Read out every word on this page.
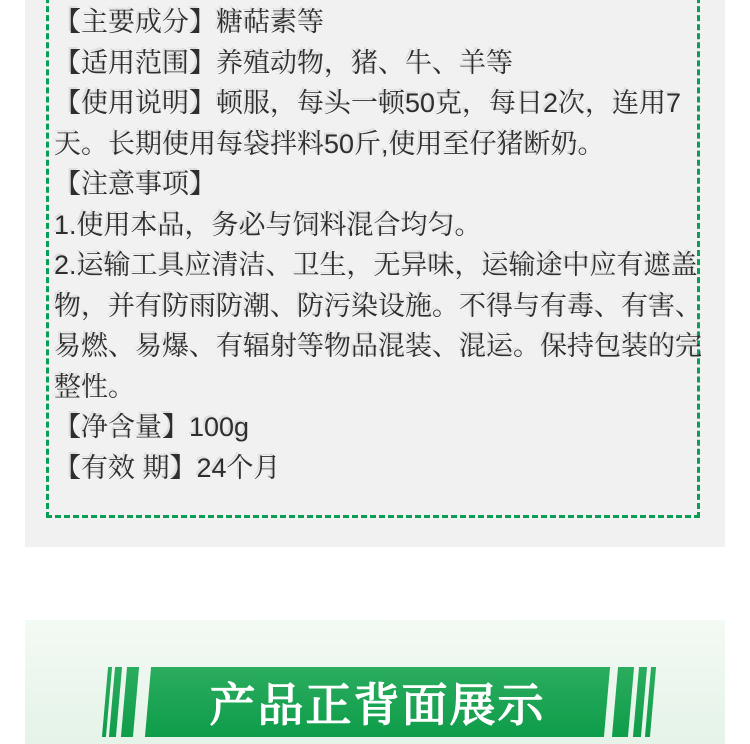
【主要成分】糖萜素等
【适用范围】养殖动物，猪、牛、羊等
【使用说明】顿服，每头一顿50克，每日2次，连用7
天。长期使用每袋拌料50斤,使用至仔猪断奶。
【注意事项】
1.使用本品，务必与饲料混合均匀。
2.运输工具应清洁、卫生，无异味，运输途中应有遮盖
物，并有防雨防潮、防污染设施。不得与有毒、有害、
易燃、易爆、有辐射等物品混装、混运。保持包装的完
整性。
【净含量】100g
【有效 期】24个月
产品正背面展示
